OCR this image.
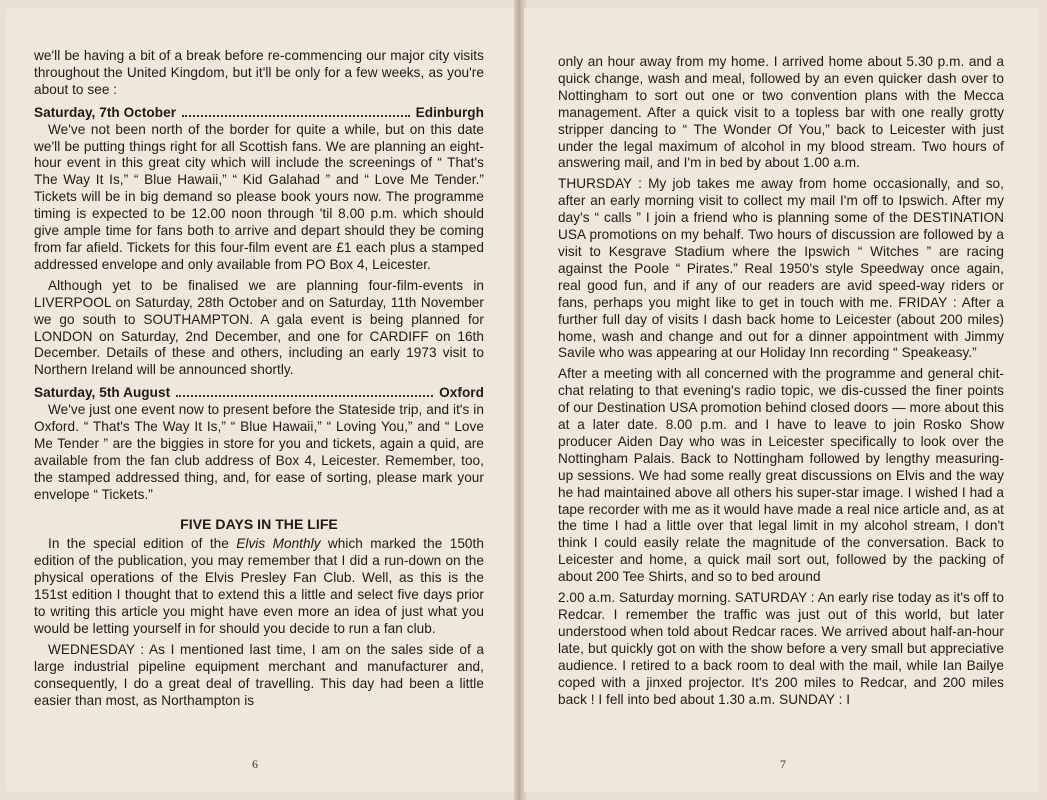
we'll be having a bit of a break before re-commencing our major city visits throughout the United Kingdom, but it'll be only for a few weeks, as you're about to see :

Saturday, 7th October	Edinburgh

We've not been north of the border for quite a while, but on this date we'll be putting things right for all Scottish fans. We are planning an eight-hour event in this great city which will include the screenings of “ That's The Way It Is,” “ Blue Hawaii,” “ Kid Galahad ” and “ Love Me Tender.” Tickets will be in big demand so please book yours now. The programme timing is expected to be 12.00 noon through 'til 8.00 p.m. which should give ample time for fans both to arrive and depart should they be coming from far afield. Tickets for this four-film event are £1 each plus a stamped addressed envelope and only available from PO Box 4, Leicester.

Although yet to be finalised we are planning four-film-events in LIVERPOOL on Saturday, 28th October and on Saturday, 11th November we go south to SOUTHAMPTON. A gala event is being planned for LONDON on Saturday, 2nd December, and one for CARDIFF on 16th December. Details of these and others, including an early 1973 visit to Northern Ireland will be announced shortly.

Saturday, 5th August	Oxford

We've just one event now to present before the Stateside trip, and it's in Oxford. “ That's The Way It Is,” “ Blue Hawaii,” “ Loving You,” and “ Love Me Tender ” are the biggies in store for you and tickets, again a quid, are available from the fan club address of Box 4, Leicester. Remember, too, the stamped addressed thing, and, for ease of sorting, please mark your envelope “ Tickets.”

FIVE DAYS IN THE LIFE

In the special edition of the Elvis Monthly which marked the 150th edition of the publication, you may remember that I did a run-down on the physical operations of the Elvis Presley Fan Club. Well, as this is the 151st edition I thought that to extend this a little and select five days prior to writing this article you might have even more an idea of just what you would be letting yourself in for should you decide to run a fan club.

WEDNESDAY : As I mentioned last time, I am on the sales side of a large industrial pipeline equipment merchant and manufacturer and, consequently, I do a great deal of travelling. This day had been a little easier than most, as Northampton is

6

only an hour away from my home. I arrived home about 5.30 p.m. and a quick change, wash and meal, followed by an even quicker dash over to Nottingham to sort out one or two convention plans with the Mecca management. After a quick visit to a topless bar with one really grotty stripper dancing to “ The Wonder Of You,” back to Leicester with just under the legal maximum of alcohol in my blood stream. Two hours of answering mail, and I'm in bed by about 1.00 a.m.

THURSDAY : My job takes me away from home occasionally, and so, after an early morning visit to collect my mail I'm off to Ipswich. After my day's “ calls ” I join a friend who is planning some of the DESTINATION USA promotions on my behalf. Two hours of discussion are followed by a visit to Kesgrave Stadium where the Ipswich “ Witches ” are racing against the Poole “ Pirates.” Real 1950's style Speedway once again, real good fun, and if any of our readers are avid speed-way riders or fans, perhaps you might like to get in touch with me. FRIDAY : After a further full day of visits I dash back home to Leicester (about 200 miles) home, wash and change and out for a dinner appointment with Jimmy Savile who was appearing at our Holiday Inn recording “ Speakeasy.”

After a meeting with all concerned with the programme and general chit-chat relating to that evening's radio topic, we dis-cussed the finer points of our Destination USA promotion behind closed doors — more about this at a later date. 8.00 p.m. and I have to leave to join Rosko Show producer Aiden Day who was in Leicester specifically to look over the Nottingham Palais. Back to Nottingham followed by lengthy measuring-up sessions. We had some really great discussions on Elvis and the way he had maintained above all others his super-star image. I wished I had a tape recorder with me as it would have made a real nice article and, as at the time I had a little over that legal limit in my alcohol stream, I don't think I could easily relate the magnitude of the conversation. Back to Leicester and home, a quick mail sort out, followed by the packing of about 200 Tee Shirts, and so to bed around

2.00 a.m. Saturday morning. SATURDAY : An early rise today as it's off to Redcar. I remember the traffic was just out of this world, but later understood when told about Redcar races. We arrived about half-an-hour late, but quickly got on with the show before a very small but appreciative audience. I retired to a back room to deal with the mail, while Ian Bailye coped with a jinxed projector. It's 200 miles to Redcar, and 200 miles back ! I fell into bed about 1.30 a.m. SUNDAY : I

7
